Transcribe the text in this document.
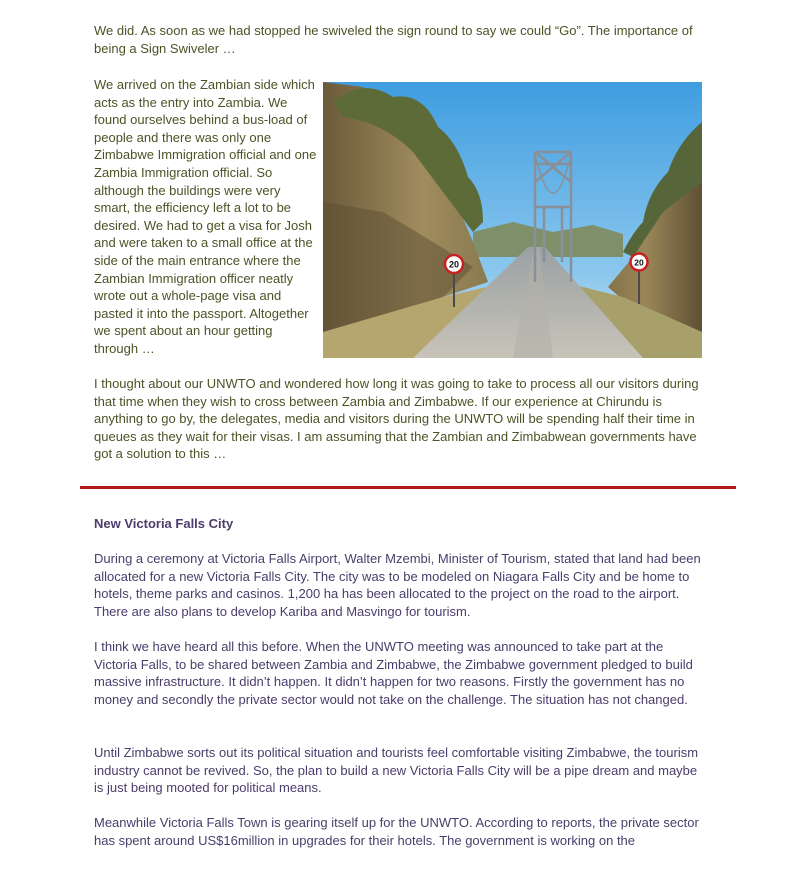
We did. As soon as we had stopped he swiveled the sign round to say we could “Go”. The importance of being a Sign Swiveler …

We arrived on the Zambian side which acts as the entry into Zambia. We found ourselves behind a bus-load of people and there was only one Zimbabwe Immigration official and one Zambia Immigration official. So although the buildings were very smart, the efficiency left a lot to be desired. We had to get a visa for Josh and were taken to a small office at the side of the main entrance where the Zambian Immigration officer neatly wrote out a whole-page visa and pasted it into the passport. Altogether we spent about an hour getting through …

20	20

I thought about our UNWTO and wondered how long it was going to take to process all our visitors during that time when they wish to cross between Zambia and Zimbabwe. If our experience at Chirundu is anything to go by, the delegates, media and visitors during the UNWTO will be spending half their time in queues as they wait for their visas. I am assuming that the Zambian and Zimbabwean governments have got a solution to this …

New Victoria Falls City

During a ceremony at Victoria Falls Airport, Walter Mzembi, Minister of Tourism, stated that land had been allocated for a new Victoria Falls City. The city was to be modeled on Niagara Falls City and be home to hotels, theme parks and casinos. 1,200 ha has been allocated to the project on the road to the airport. There are also plans to develop Kariba and Masvingo for tourism.

I think we have heard all this before. When the UNWTO meeting was announced to take part at the Victoria Falls, to be shared between Zambia and Zimbabwe, the Zimbabwe government pledged to build massive infrastructure. It didn’t happen. It didn’t happen for two reasons. Firstly the government has no money and secondly the private sector would not take on the challenge. The situation has not changed.

Until Zimbabwe sorts out its political situation and tourists feel comfortable visiting Zimbabwe, the tourism industry cannot be revived. So, the plan to build a new Victoria Falls City will be a pipe dream and maybe is just being mooted for political means.

Meanwhile Victoria Falls Town is gearing itself up for the UNWTO. According to reports, the private sector has spent around US$16million in upgrades for their hotels. The government is working on the
